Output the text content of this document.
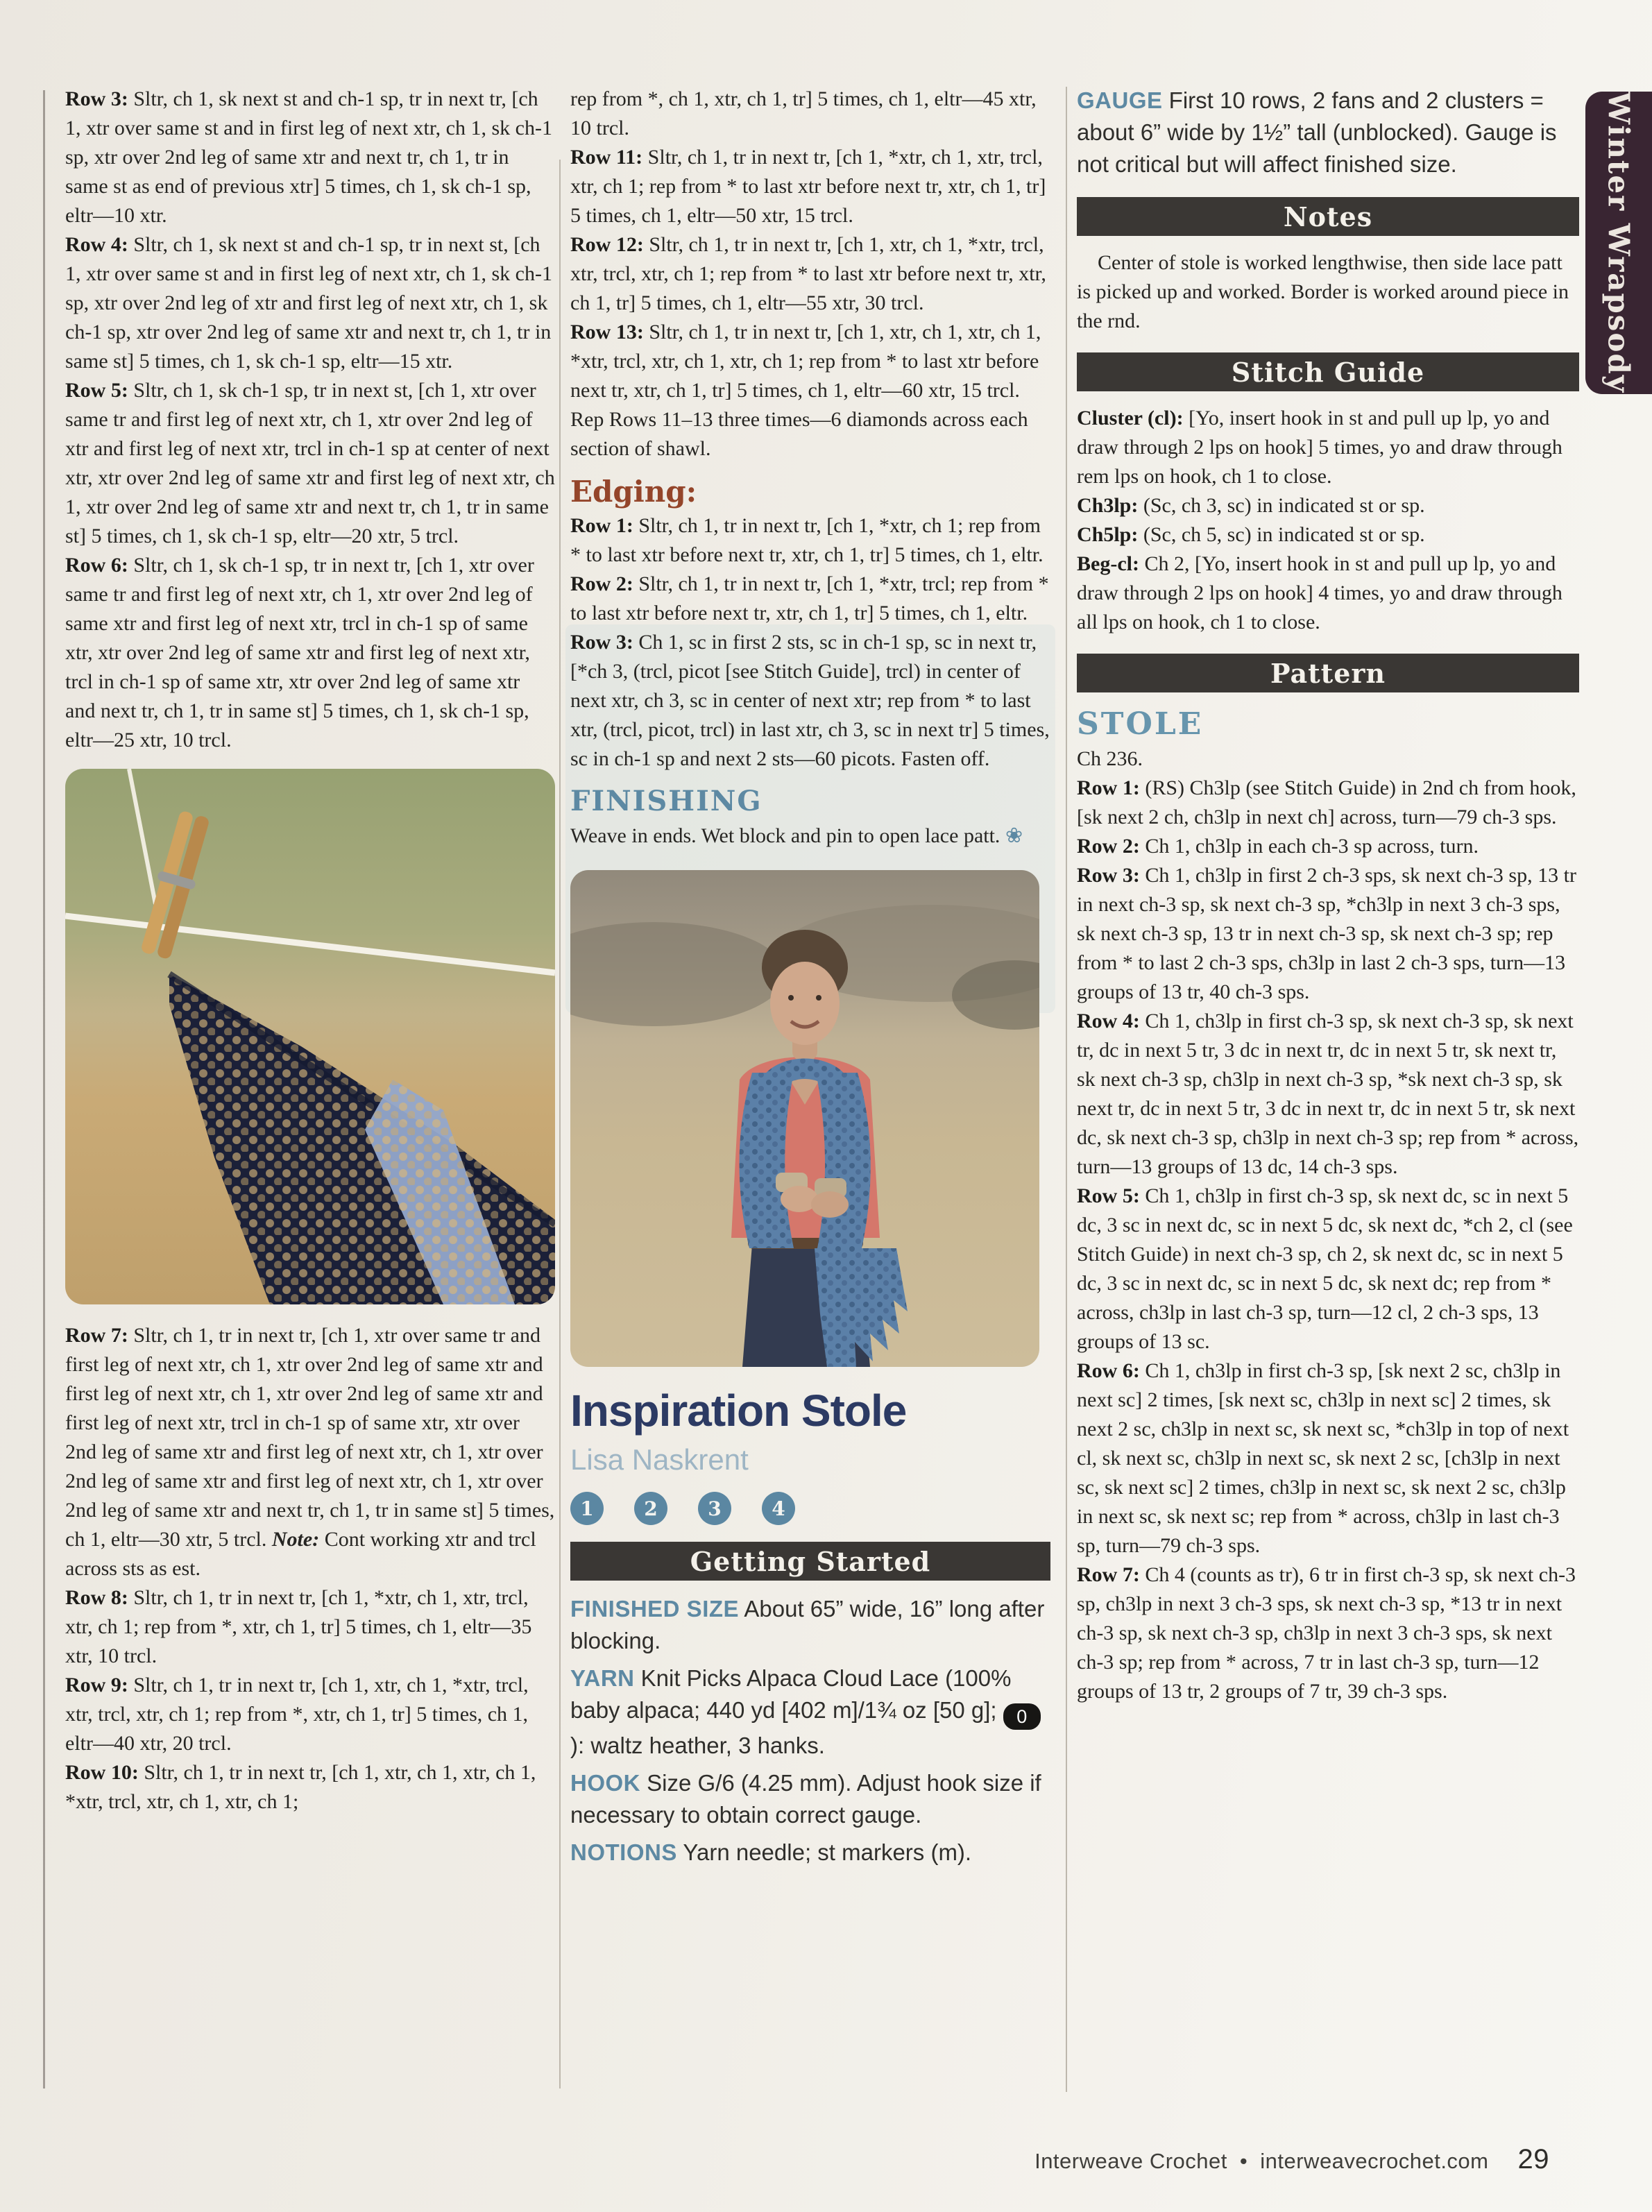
Row 3: Sltr, ch 1, sk next st and ch-1 sp, tr in next tr, [ch 1, xtr over same st and in first leg of next xtr, ch 1, sk ch-1 sp, xtr over 2nd leg of same xtr and next tr, ch 1, tr in same st as end of previous xtr] 5 times, ch 1, sk ch-1 sp, eltr—10 xtr.

Row 4: Sltr, ch 1, sk next st and ch-1 sp, tr in next st, [ch 1, xtr over same st and in first leg of next xtr, ch 1, sk ch-1 sp, xtr over 2nd leg of xtr and first leg of next xtr, ch 1, sk ch-1 sp, xtr over 2nd leg of same xtr and next tr, ch 1, tr in same st] 5 times, ch 1, sk ch-1 sp, eltr—15 xtr.

Row 5: Sltr, ch 1, sk ch-1 sp, tr in next st, [ch 1, xtr over same tr and first leg of next xtr, ch 1, xtr over 2nd leg of xtr and first leg of next xtr, trcl in ch-1 sp at center of next xtr, xtr over 2nd leg of same xtr and first leg of next xtr, ch 1, xtr over 2nd leg of same xtr and next tr, ch 1, tr in same st] 5 times, ch 1, sk ch-1 sp, eltr—20 xtr, 5 trcl.

Row 6: Sltr, ch 1, sk ch-1 sp, tr in next tr, [ch 1, xtr over same tr and first leg of next xtr, ch 1, xtr over 2nd leg of same xtr and first leg of next xtr, trcl in ch-1 sp of same xtr, xtr over 2nd leg of same xtr and first leg of next xtr, trcl in ch-1 sp of same xtr, xtr over 2nd leg of same xtr and next tr, ch 1, tr in same st] 5 times, ch 1, sk ch-1 sp, eltr—25 xtr, 10 trcl.

Row 7: Sltr, ch 1, tr in next tr, [ch 1, xtr over same tr and first leg of next xtr, ch 1, xtr over 2nd leg of same xtr and first leg of next xtr, ch 1, xtr over 2nd leg of same xtr and first leg of next xtr, trcl in ch-1 sp of same xtr, xtr over 2nd leg of same xtr and first leg of next xtr, ch 1, xtr over 2nd leg of same xtr and first leg of next xtr, ch 1, xtr over 2nd leg of same xtr and next tr, ch 1, tr in same st] 5 times, ch 1, eltr—30 xtr, 5 trcl. Note: Cont working xtr and trcl across sts as est.

Row 8: Sltr, ch 1, tr in next tr, [ch 1, *xtr, ch 1, xtr, trcl, xtr, ch 1; rep from *, xtr, ch 1, tr] 5 times, ch 1, eltr—35 xtr, 10 trcl.

Row 9: Sltr, ch 1, tr in next tr, [ch 1, xtr, ch 1, *xtr, trcl, xtr, trcl, xtr, ch 1; rep from *, xtr, ch 1, tr] 5 times, ch 1, eltr—40 xtr, 20 trcl.

Row 10: Sltr, ch 1, tr in next tr, [ch 1, xtr, ch 1, xtr, ch 1, *xtr, trcl, xtr, ch 1, xtr, ch 1;

rep from *, ch 1, xtr, ch 1, tr] 5 times, ch 1, eltr—45 xtr, 10 trcl.

Row 11: Sltr, ch 1, tr in next tr, [ch 1, *xtr, ch 1, xtr, trcl, xtr, ch 1; rep from * to last xtr before next tr, xtr, ch 1, tr] 5 times, ch 1, eltr—50 xtr, 15 trcl.

Row 12: Sltr, ch 1, tr in next tr, [ch 1, xtr, ch 1, *xtr, trcl, xtr, trcl, xtr, ch 1; rep from * to last xtr before next tr, xtr, ch 1, tr] 5 times, ch 1, eltr—55 xtr, 30 trcl.

Row 13: Sltr, ch 1, tr in next tr, [ch 1, xtr, ch 1, xtr, ch 1, *xtr, trcl, xtr, ch 1, xtr, ch 1; rep from * to last xtr before next tr, xtr, ch 1, tr] 5 times, ch 1, eltr—60 xtr, 15 trcl.

Rep Rows 11–13 three times—6 diamonds across each section of shawl.

Edging:

Row 1: Sltr, ch 1, tr in next tr, [ch 1, *xtr, ch 1; rep from * to last xtr before next tr, xtr, ch 1, tr] 5 times, ch 1, eltr.

Row 2: Sltr, ch 1, tr in next tr, [ch 1, *xtr, trcl; rep from * to last xtr before next tr, xtr, ch 1, tr] 5 times, ch 1, eltr.

Row 3: Ch 1, sc in first 2 sts, sc in ch-1 sp, sc in next tr, [*ch 3, (trcl, picot [see Stitch Guide], trcl) in center of next xtr, ch 3, sc in center of next xtr; rep from * to last xtr, (trcl, picot, trcl) in last xtr, ch 3, sc in next tr] 5 times, sc in ch-1 sp and next 2 sts—60 picots. Fasten off.

FINISHING

Weave in ends. Wet block and pin to open lace patt. ❀

Inspiration Stole

Lisa Naskrent

1	2	3	4
Getting Started

FINISHED SIZE About 65” wide, 16” long after blocking.

YARN Knit Picks Alpaca Cloud Lace (100% baby alpaca; 440 yd [402 m]/1¾ oz [50 g]; 0): waltz heather, 3 hanks.

HOOK Size G/6 (4.25 mm). Adjust hook size if necessary to obtain correct gauge.

NOTIONS Yarn needle; st markers (m).

GAUGE First 10 rows, 2 fans and 2 clusters = about 6” wide by 1½” tall (unblocked). Gauge is not critical but will affect finished size.

Notes

Center of stole is worked lengthwise, then side lace patt is picked up and worked. Border is worked around piece in the rnd.

Stitch Guide

Cluster (cl): [Yo, insert hook in st and pull up lp, yo and draw through 2 lps on hook] 5 times, yo and draw through rem lps on hook, ch 1 to close.

Ch3lp: (Sc, ch 3, sc) in indicated st or sp.

Ch5lp: (Sc, ch 5, sc) in indicated st or sp.

Beg-cl: Ch 2, [Yo, insert hook in st and pull up lp, yo and draw through 2 lps on hook] 4 times, yo and draw through all lps on hook, ch 1 to close.

Pattern
STOLE

Ch 236.

Row 1: (RS) Ch3lp (see Stitch Guide) in 2nd ch from hook, [sk next 2 ch, ch3lp in next ch] across, turn—79 ch-3 sps.

Row 2: Ch 1, ch3lp in each ch-3 sp across, turn.

Row 3: Ch 1, ch3lp in first 2 ch-3 sps, sk next ch-3 sp, 13 tr in next ch-3 sp, sk next ch-3 sp, *ch3lp in next 3 ch-3 sps, sk next ch-3 sp, 13 tr in next ch-3 sp, sk next ch-3 sp; rep from * to last 2 ch-3 sps, ch3lp in last 2 ch-3 sps, turn—13 groups of 13 tr, 40 ch-3 sps.

Row 4: Ch 1, ch3lp in first ch-3 sp, sk next ch-3 sp, sk next tr, dc in next 5 tr, 3 dc in next tr, dc in next 5 tr, sk next tr, sk next ch-3 sp, ch3lp in next ch-3 sp, *sk next ch-3 sp, sk next tr, dc in next 5 tr, 3 dc in next tr, dc in next 5 tr, sk next dc, sk next ch-3 sp, ch3lp in next ch-3 sp; rep from * across, turn—13 groups of 13 dc, 14 ch-3 sps.

Row 5: Ch 1, ch3lp in first ch-3 sp, sk next dc, sc in next 5 dc, 3 sc in next dc, sc in next 5 dc, sk next dc, *ch 2, cl (see Stitch Guide) in next ch-3 sp, ch 2, sk next dc, sc in next 5 dc, 3 sc in next dc, sc in next 5 dc, sk next dc; rep from * across, ch3lp in last ch-3 sp, turn—12 cl, 2 ch-3 sps, 13 groups of 13 sc.

Row 6: Ch 1, ch3lp in first ch-3 sp, [sk next 2 sc, ch3lp in next sc] 2 times, [sk next sc, ch3lp in next sc] 2 times, sk next 2 sc, ch3lp in next sc, sk next sc, *ch3lp in top of next cl, sk next sc, ch3lp in next sc, sk next 2 sc, [ch3lp in next sc, sk next sc] 2 times, ch3lp in next sc, sk next 2 sc, ch3lp in next sc, sk next sc; rep from * across, ch3lp in last ch-3 sp, turn—79 ch-3 sps.

Row 7: Ch 4 (counts as tr), 6 tr in first ch-3 sp, sk next ch-3 sp, ch3lp in next 3 ch-3 sps, sk next ch-3 sp, *13 tr in next ch-3 sp, sk next ch-3 sp, ch3lp in next 3 ch-3 sps, sk next ch-3 sp; rep from * across, 7 tr in last ch-3 sp, turn—12 groups of 13 tr, 2 groups of 7 tr, 39 ch-3 sps.

Winter Wrapsody
Interweave Crochet • interweavecrochet.com 29
